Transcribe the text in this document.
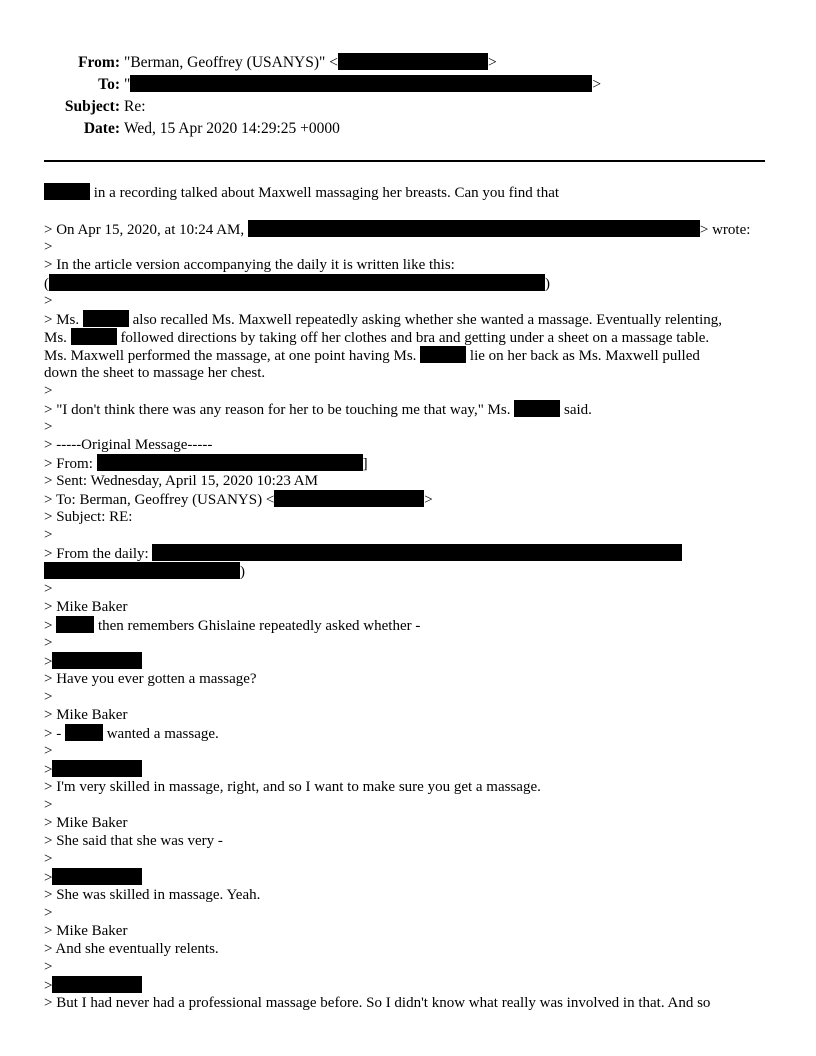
From: "Berman, Geoffrey (USANYS)" <	>
To: "	>
Subject: Re:
Date: Wed, 15 Apr 2020 14:29:25 +0000
in a recording talked about Maxwell massaging her breasts. Can you find that
> On Apr 15, 2020, at 10:24 AM,	> wrote:
>
> In the article version accompanying the daily it is written like this:
(	)
>
> Ms.	also recalled Ms. Maxwell repeatedly asking whether she wanted a massage. Eventually relenting,
Ms.	followed directions by taking off her clothes and bra and getting under a sheet on a massage table.
Ms. Maxwell performed the massage, at one point having Ms.	lie on her back as Ms. Maxwell pulled
down the sheet to massage her chest.
>
> "I don't think there was any reason for her to be touching me that way," Ms.	said.
>
> -----Original Message-----
> From:	]
> Sent: Wednesday, April 15, 2020 10:23 AM
> To: Berman, Geoffrey (USANYS) <	>
> Subject: RE:
>
> From the daily:
)
>
> Mike Baker
>	then remembers Ghislaine repeatedly asked whether -
>
>
> Have you ever gotten a massage?
>
> Mike Baker
> -	wanted a massage.
>
>
> I'm very skilled in massage, right, and so I want to make sure you get a massage.
>
> Mike Baker
> She said that she was very -
>
>
> She was skilled in massage. Yeah.
>
> Mike Baker
> And she eventually relents.
>
>
> But I had never had a professional massage before. So I didn't know what really was involved in that. And so
